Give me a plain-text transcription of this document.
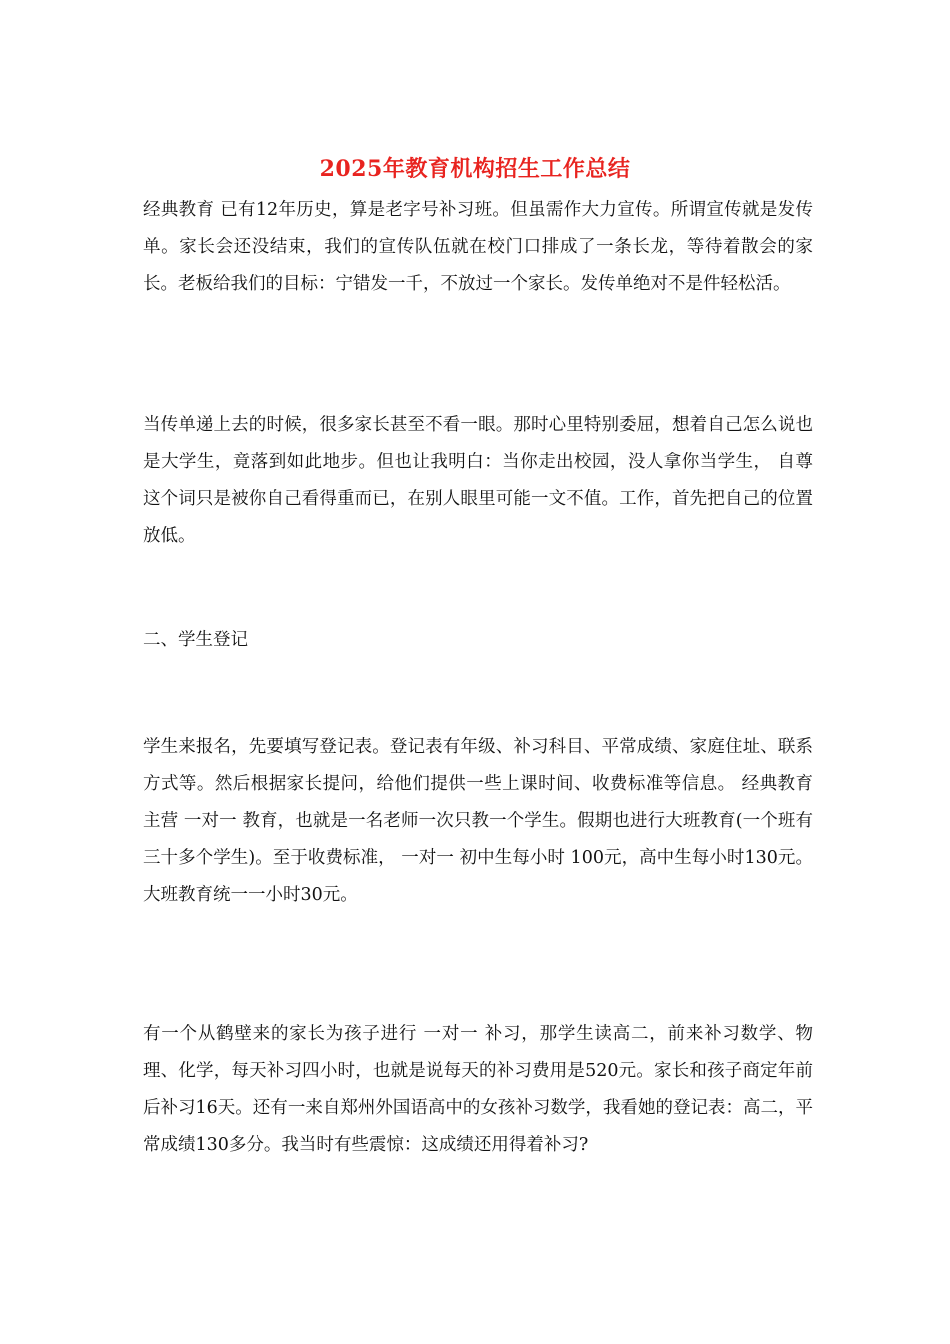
2025年教育机构招生工作总结

经典教育 已有12年历史，算是老字号补习班。但虽需作大力宣传。所谓宣传就是发传单。家长会还没结束，我们的宣传队伍就在校门口排成了一条长龙，等待着散会的家长。老板给我们的目标：宁错发一千，不放过一个家长。发传单绝对不是件轻松活。

当传单递上去的时候，很多家长甚至不看一眼。那时心里特别委屈，想着自己怎么说也是大学生，竟落到如此地步。但也让我明白：当你走出校园，没人拿你当学生， 自尊 这个词只是被你自己看得重而已，在别人眼里可能一文不值。工作，首先把自己的位置放低。

二、学生登记

学生来报名，先要填写登记表。登记表有年级、补习科目、平常成绩、家庭住址、联系方式等。然后根据家长提问，给他们提供一些上课时间、收费标准等信息。 经典教育 主营 一对一 教育，也就是一名老师一次只教一个学生。假期也进行大班教育(一个班有三十多个学生)。至于收费标准， 一对一 初中生每小时 100元，高中生每小时130元。大班教育统一一小时30元。

有一个从鹤壁来的家长为孩子进行 一对一 补习，那学生读高二，前来补习数学、物理、化学，每天补习四小时，也就是说每天的补习费用是520元。家长和孩子商定年前后补习16天。还有一来自郑州外国语高中的女孩补习数学，我看她的登记表：高二，平常成绩130多分。我当时有些震惊：这成绩还用得着补习?
